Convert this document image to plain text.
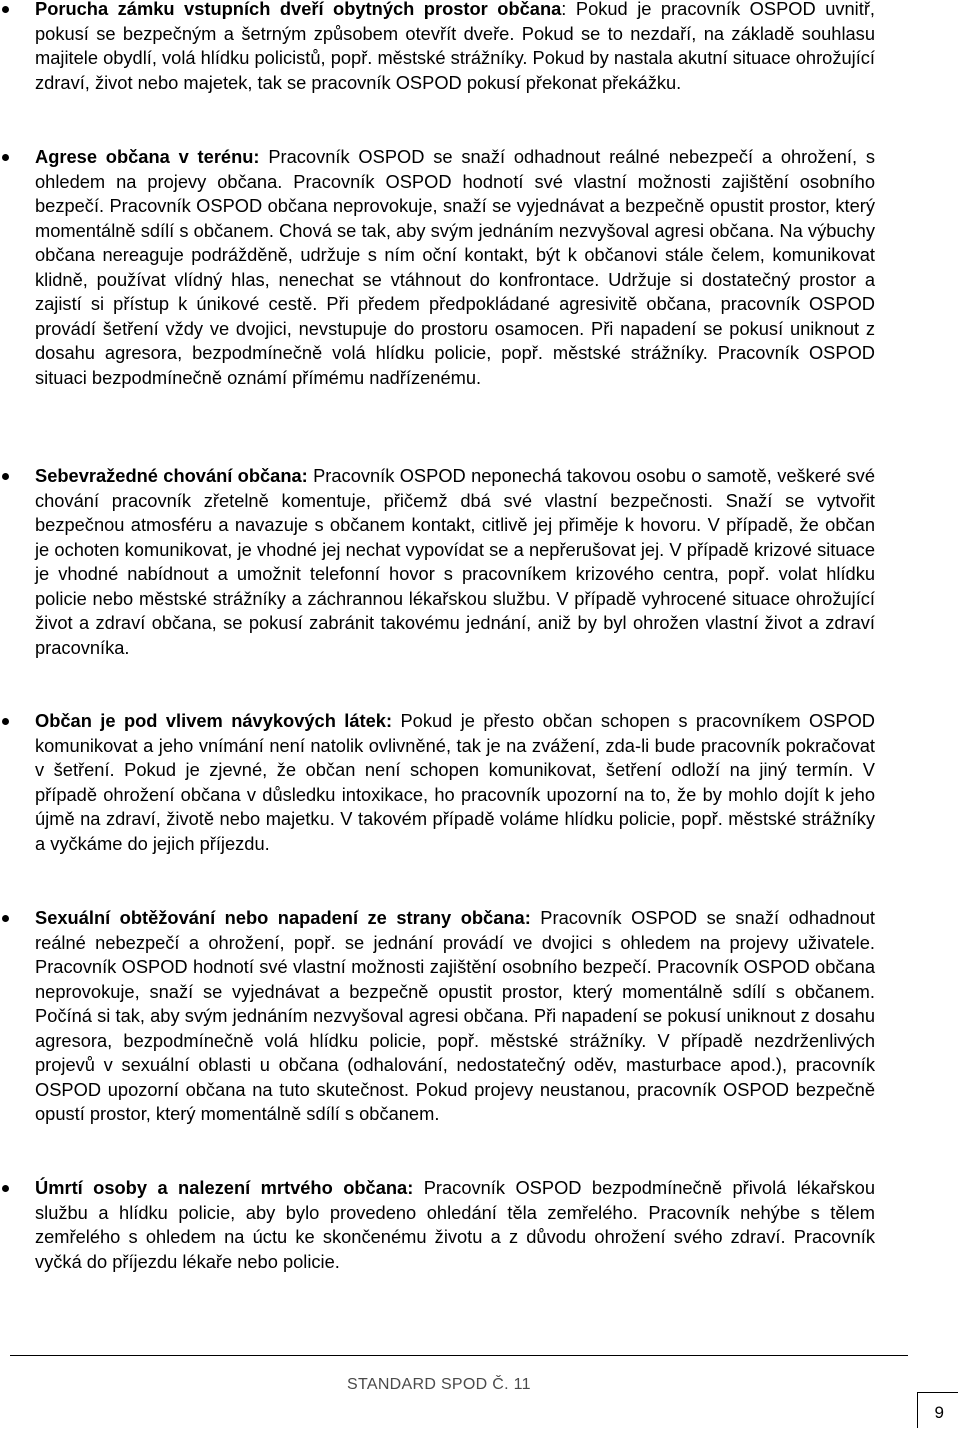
Porucha zámku vstupních dveří obytných prostor občana: Pokud je pracovník OSPOD uvnitř, pokusí se bezpečným a šetrným způsobem otevřít dveře. Pokud se to nezdaří, na základě souhlasu majitele obydlí, volá hlídku policistů, popř. městské strážníky. Pokud by nastala akutní situace ohrožující zdraví, život nebo majetek, tak se pracovník OSPOD pokusí překonat překážku.
Agrese občana v terénu: Pracovník OSPOD se snaží odhadnout reálné nebezpečí a ohrožení, s ohledem na projevy občana. Pracovník OSPOD hodnotí své vlastní možnosti zajištění osobního bezpečí. Pracovník OSPOD občana neprovokuje, snaží se vyjednávat a bezpečně opustit prostor, který momentálně sdílí s občanem. Chová se tak, aby svým jednáním nezvyšoval agresi občana. Na výbuchy občana nereaguje podrážděně, udržuje s ním oční kontakt, být k občanovi stále čelem, komunikovat klidně, používat vlídný hlas, nenechat se vtáhnout do konfrontace. Udržuje si dostatečný prostor a zajistí si přístup k únikové cestě. Při předem předpokládané agresivitě občana, pracovník OSPOD provádí šetření vždy ve dvojici, nevstupuje do prostoru osamocen. Při napadení se pokusí uniknout z dosahu agresora, bezpodmínečně volá hlídku policie, popř. městské strážníky. Pracovník OSPOD situaci bezpodmínečně oznámí přímému nadřízenému.
Sebevražedné chování občana: Pracovník OSPOD neponechá takovou osobu o samotě, veškeré své chování pracovník zřetelně komentuje, přičemž dbá své vlastní bezpečnosti. Snaží se vytvořit bezpečnou atmosféru a navazuje s občanem kontakt, citlivě jej přiměje k hovoru. V případě, že občan je ochoten komunikovat, je vhodné jej nechat vypovídat se a nepřerušovat jej. V případě krizové situace je vhodné nabídnout a umožnit telefonní hovor s pracovníkem krizového centra, popř. volat hlídku policie nebo městské strážníky a záchrannou lékařskou službu. V případě vyhrocené situace ohrožující život a zdraví občana, se pokusí zabránit takovému jednání, aniž by byl ohrožen vlastní život a zdraví pracovníka.
Občan je pod vlivem návykových látek: Pokud je přesto občan schopen s pracovníkem OSPOD komunikovat a jeho vnímání není natolik ovlivněné, tak je na zvážení, zda-li bude pracovník pokračovat v šetření. Pokud je zjevné, že občan není schopen komunikovat, šetření odloží na jiný termín. V případě ohrožení občana v důsledku intoxikace, ho pracovník upozorní na to, že by mohlo dojít k jeho újmě na zdraví, životě nebo majetku. V takovém případě voláme hlídku policie, popř. městské strážníky a vyčkáme do jejich příjezdu.
Sexuální obtěžování nebo napadení ze strany občana: Pracovník OSPOD se snaží odhadnout reálné nebezpečí a ohrožení, popř. se jednání provádí ve dvojici s ohledem na projevy uživatele. Pracovník OSPOD hodnotí své vlastní možnosti zajištění osobního bezpečí. Pracovník OSPOD občana neprovokuje, snaží se vyjednávat a bezpečně opustit prostor, který momentálně sdílí s občanem. Počíná si tak, aby svým jednáním nezvyšoval agresi občana. Při napadení se pokusí uniknout z dosahu agresora, bezpodmínečně volá hlídku policie, popř. městské strážníky. V případě nezdrženlivých projevů v sexuální oblasti u občana (odhalování, nedostatečný oděv, masturbace apod.), pracovník OSPOD upozorní občana na tuto skutečnost. Pokud projevy neustanou, pracovník OSPOD bezpečně opustí prostor, který momentálně sdílí s občanem.
Úmrtí osoby a nalezení mrtvého občana: Pracovník OSPOD bezpodmínečně přivolá lékařskou službu a hlídku policie, aby bylo provedeno ohledání těla zemřelého. Pracovník nehýbe s tělem zemřelého s ohledem na úctu ke skončenému životu a z důvodu ohrožení svého zdraví. Pracovník vyčká do příjezdu lékaře nebo policie.
STANDARD SPOD Č. 11
9
